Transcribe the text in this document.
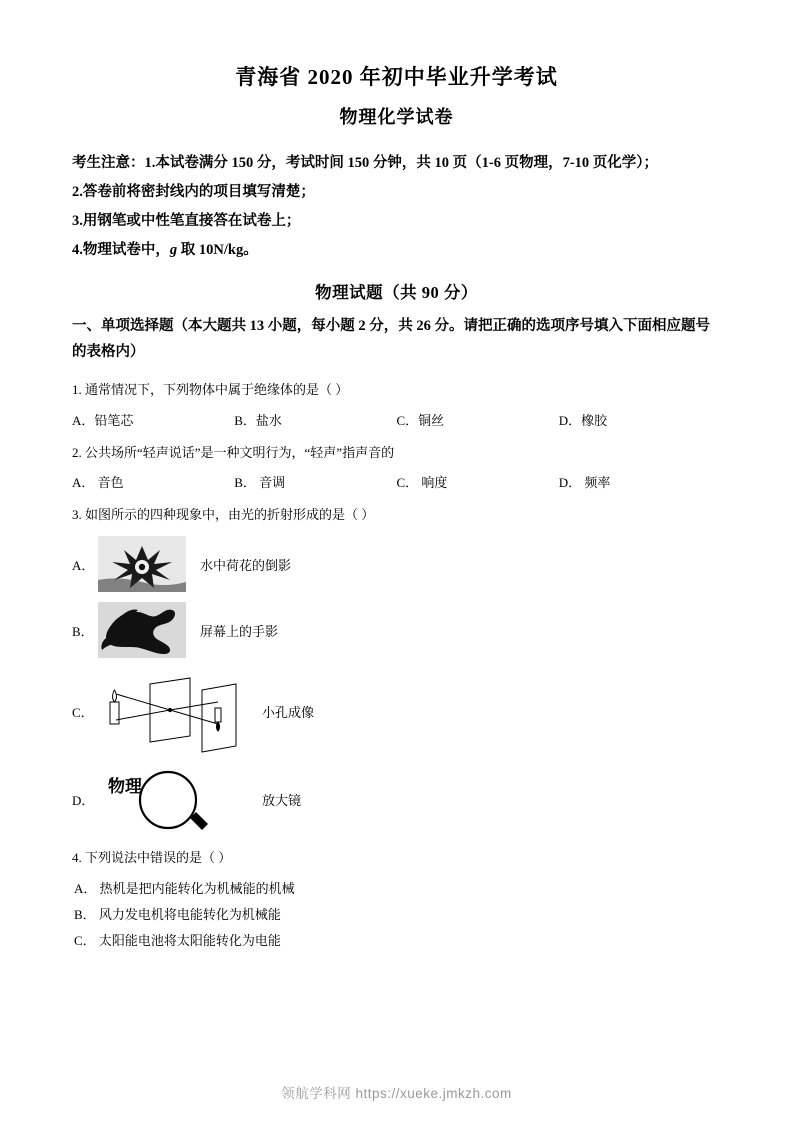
青海省 2020 年初中毕业升学考试
物理化学试卷
考生注意：1.本试卷满分 150 分，考试时间 150 分钟，共 10 页（1-6 页物理，7-10 页化学）；
2.答卷前将密封线内的项目填写清楚；
3.用钢笔或中性笔直接答在试卷上；
4.物理试卷中，g 取 10N/kg。
物理试题（共 90 分）
一、单项选择题（本大题共 13 小题，每小题 2 分，共 26 分。请把正确的选项序号填入下面相应题号的表格内）
1. 通常情况下，下列物体中属于绝缘体的是（ ）
A．铅笔芯	B．盐水	C．铜丝	D．橡胶
2. 公共场所“轻声说话”是一种文明行为，“轻声”指声音的
A． 音色	B． 音调	C． 响度	D． 频率
3. 如图所示的四种现象中，由光的折射形成的是（ ）
A．	水中荷花的倒影
B．	屏幕上的手影
C．	小孔成像
D．
物理
放大镜
4. 下列说法中错误的是（ ）
A． 热机是把内能转化为机械能的机械
B． 风力发电机将电能转化为机械能
C． 太阳能电池将太阳能转化为电能
领航学科网 https://xueke.jmkzh.com
